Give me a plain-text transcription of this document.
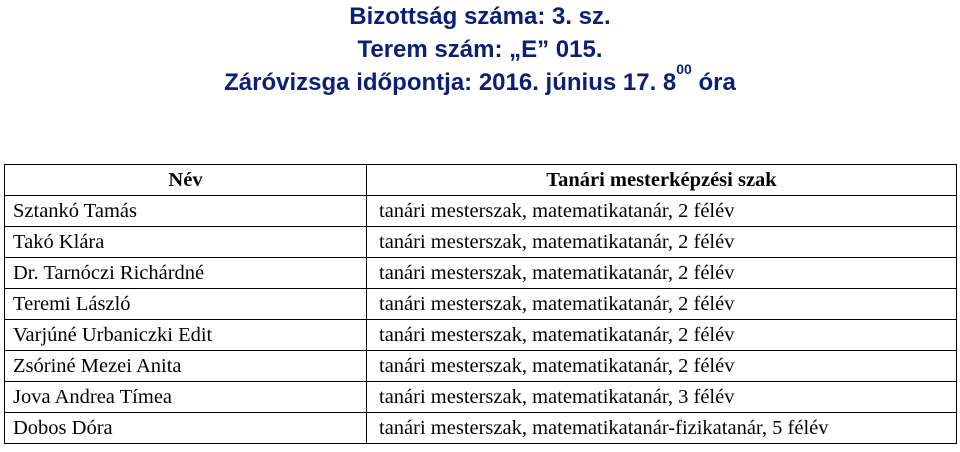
Bizottság száma: 3. sz.
Terem szám: „E” 015.
Záróvizsga időpontja: 2016. június 17. $8^{00}$ óra
Név	Tanári mesterképzési szak
Sztankó Tamás	tanári mesterszak, matematikatanár, 2 félév
Takó Klára	tanári mesterszak, matematikatanár, 2 félév
Dr. Tarnóczi Richárdné	tanári mesterszak, matematikatanár, 2 félév
Teremi László	tanári mesterszak, matematikatanár, 2 félév
Varjúné Urbaniczki Edit	tanári mesterszak, matematikatanár, 2 félév
Zsóriné Mezei Anita	tanári mesterszak, matematikatanár, 2 félév
Jova Andrea Tímea	tanári mesterszak, matematikatanár, 3 félév
Dobos Dóra	tanári mesterszak, matematikatanár-fizikatanár, 5 félév
